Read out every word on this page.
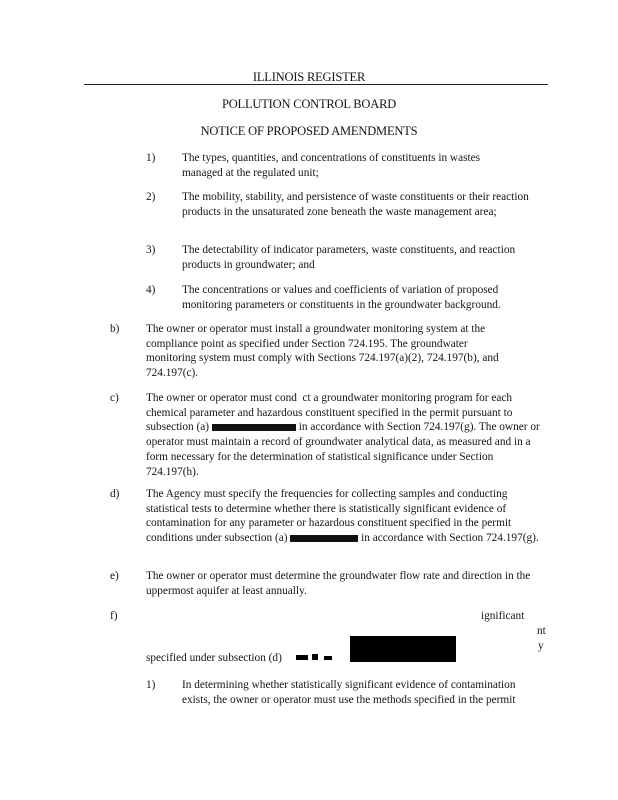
ILLINOIS REGISTER
POLLUTION CONTROL BOARD
NOTICE OF PROPOSED AMENDMENTS
1) The types, quantities, and concentrations of constituents in wastes managed at the regulated unit;
2) The mobility, stability, and persistence of waste constituents or their reaction products in the unsaturated zone beneath the waste management area;
3) The detectability of indicator parameters, waste constituents, and reaction products in groundwater; and
4) The concentrations or values and coefficients of variation of proposed monitoring parameters or constituents in the groundwater background.
b) The owner or operator must install a groundwater monitoring system at the compliance point as specified under Section 724.195. The groundwater monitoring system must comply with Sections 724.197(a)(2), 724.197(b), and 724.197(c).
c) The owner or operator must cond  ct a groundwater monitoring program for each chemical parameter and hazardous constituent specified in the permit pursuant to subsection (a)	in accordance with Section 724.197(g). The owner or operator must maintain a record of groundwater analytical data, as measured and in a form necessary for the determination of statistical significance under Section 724.197(h).
d) The Agency must specify the frequencies for collecting samples and conducting statistical tests to determine whether there is statistically significant evidence of contamination for any parameter or hazardous constituent specified in the permit conditions under subsection (a)	in accordance with Section 724.197(g).
e) The owner or operator must determine the groundwater flow rate and direction in the uppermost aquifer at least annually.
f)	ignificant
nt
y
specified under subsection (d)
1) In determining whether statistically significant evidence of contamination exists, the owner or operator must use the methods specified in the permit
